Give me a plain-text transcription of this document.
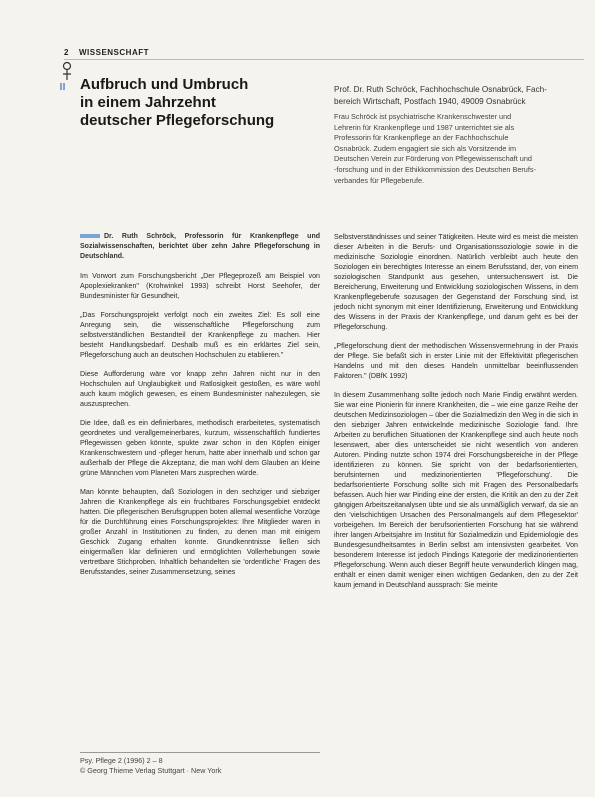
2 WISSENSCHAFT
Aufbruch und Umbruch
in einem Jahrzehnt
deutscher Pflegeforschung
Prof. Dr. Ruth Schröck, Fachhochschule Osnabrück, Fach-
bereich Wirtschaft, Postfach 1940, 49009 Osnabrück
Frau Schröck ist psychiatrische Krankenschwester und
Lehrerin für Krankenpflege und 1987 unterrichtet sie als
Professorin für Krankenpflege an der Fachhochschule
Osnabrück. Zudem engagiert sie sich als Vorsitzende im
Deutschen Verein zur Förderung von Pflegewissenschaft und
-forschung und in der Ethikkommission des Deutschen Berufs-
verbandes für Pflegeberufe.

Dr. Ruth Schröck, Professorin für Krankenpflege und Sozialwissenschaften, berichtet über zehn Jahre Pflegeforschung in Deutschland.

Im Vorwort zum Forschungsbericht „Der Pflegeprozeß am Beispiel von Apoplexiekranken" (Krohwinkel 1993) schreibt Horst Seehofer, der Bundesminister für Gesundheit,

„Das Forschungsprojekt verfolgt noch ein zweites Ziel: Es soll eine Anregung sein, die wissenschaftliche Pflegeforschung zum selbstverständlichen Bestandteil der Krankenpflege zu machen. Hier besteht Handlungsbedarf. Deshalb muß es ein erklärtes Ziel sein, Pflegeforschung auch an deutschen Hochschulen zu etablieren."

Diese Aufforderung wäre vor knapp zehn Jahren nicht nur in den Hochschulen auf Unglaubigkeit und Ratlosigkeit gestoßen, es wäre wohl auch kaum möglich gewesen, es einem Bundesminister nahezulegen, sie auszusprechen.

Die Idee, daß es ein definierbares, methodisch erarbeitetes, systematisch geordnetes und verallgemeinerbares, kurzum, wissenschaftlich fundiertes Pflegewissen geben könnte, spukte zwar schon in den Köpfen einiger Krankenschwestern und -pfleger herum, hatte aber innerhalb und schon gar außerhalb der Pflege die Akzeptanz, die man wohl dem Glauben an kleine grüne Männchen vom Planeten Mars zusprechen würde.

Man könnte behaupten, daß Soziologen in den sechziger und siebziger Jahren die Krankenpflege als ein fruchtbares Forschungsgebiet entdeckt hatten. Die pflegerischen Berufsgruppen boten allemal wesentliche Vorzüge für die Durchführung eines Forschungsprojektes: Ihre Mitglieder waren in großer Anzahl in Institutionen zu finden, zu denen man mit einigem Geschick Zugang erhalten konnte. Grundkenntnisse ließen sich einigermaßen klar definieren und ermöglichten Vollerhebungen sowie vertretbare Stichproben. Inhaltlich behandelten sie 'ordentliche' Fragen des Berufsstandes, seiner Zusammensetzung, seines

Selbstverständnisses und seiner Tätigkeiten. Heute wird es meist die meisten dieser Arbeiten in die Berufs- und Organisationssoziologie sowie in die medizinische Soziologie einordnen. Natürlich verbleibt auch heute den Soziologen ein berechtigtes Interesse an einem Berufsstand, der, von einem soziologischen Standpunkt aus gesehen, untersuchenswert ist. Die Bereicherung, Erweiterung und Entwicklung soziologischen Wissens, in dem Krankenpflegeberufe sozusagen der Gegenstand der Forschung sind, ist jedoch nicht synonym mit einer Identifizierung, Erweiterung und Entwicklung des Wissens in der Praxis der Krankenpflege, und darum geht es bei der Pflegeforschung.

„Pflegeforschung dient der methodischen Wissensvermehrung in der Praxis der Pflege. Sie befaßt sich in erster Linie mit der Effektivität pflegerischen Handelns und mit den dieses Handeln unmittelbar beeinflussenden Faktoren." (DBfK 1992)

In diesem Zusammenhang sollte jedoch noch Marie Findig erwähnt werden. Sie war eine Pionierin für innere Krankheiten, die – wie eine ganze Reihe der deutschen Medizinsoziologen – über die Sozialmedizin den Weg in die sich in den siebziger Jahren entwickelnde medizinische Soziologie fand. Ihre Arbeiten zu beruflichen Situationen der Krankenpflege sind auch heute noch lesenswert, aber dies unterscheidet sie nicht wesentlich von anderen Autoren. Pinding nutzte schon 1974 drei Forschungsbereiche in der Pflege identifizieren zu können. Sie spricht von der bedarfsorientierten, berufsinternen und medizinorientierten 'Pflegeforschung'. Die bedarfsorientierte Forschung sollte sich mit Fragen des Personalbedarfs befassen. Auch hier war Pinding eine der ersten, die Kritik an den zu der Zeit gängigen Arbeitszeitanalysen übte und sie als unmäßiglich verwarf, da sie an den 'vielschichtigen Ursachen des Personalmangels auf dem Pflegesektor' vorbeigehen. Im Bereich der berufsorientierten Forschung hat sie während ihrer langen Arbeitsjahre im Institut für Sozialmedizin und Epidemiologie des Bundesgesundheitsamtes in Berlin selbst am intensivsten gearbeitet. Von besonderem Interesse ist jedoch Pindings Kategorie der medizinorientierten Pflegeforschung. Wenn auch dieser Begriff heute verwunderlich klingen mag, enthält er einen damit weniger einen wichtigen Gedanken, den zu der Zeit kaum jemand in Deutschland aussprach: Sie meinte

Psy. Pflege 2 (1996) 2 – 8
© Georg Thieme Verlag Stuttgart · New York
